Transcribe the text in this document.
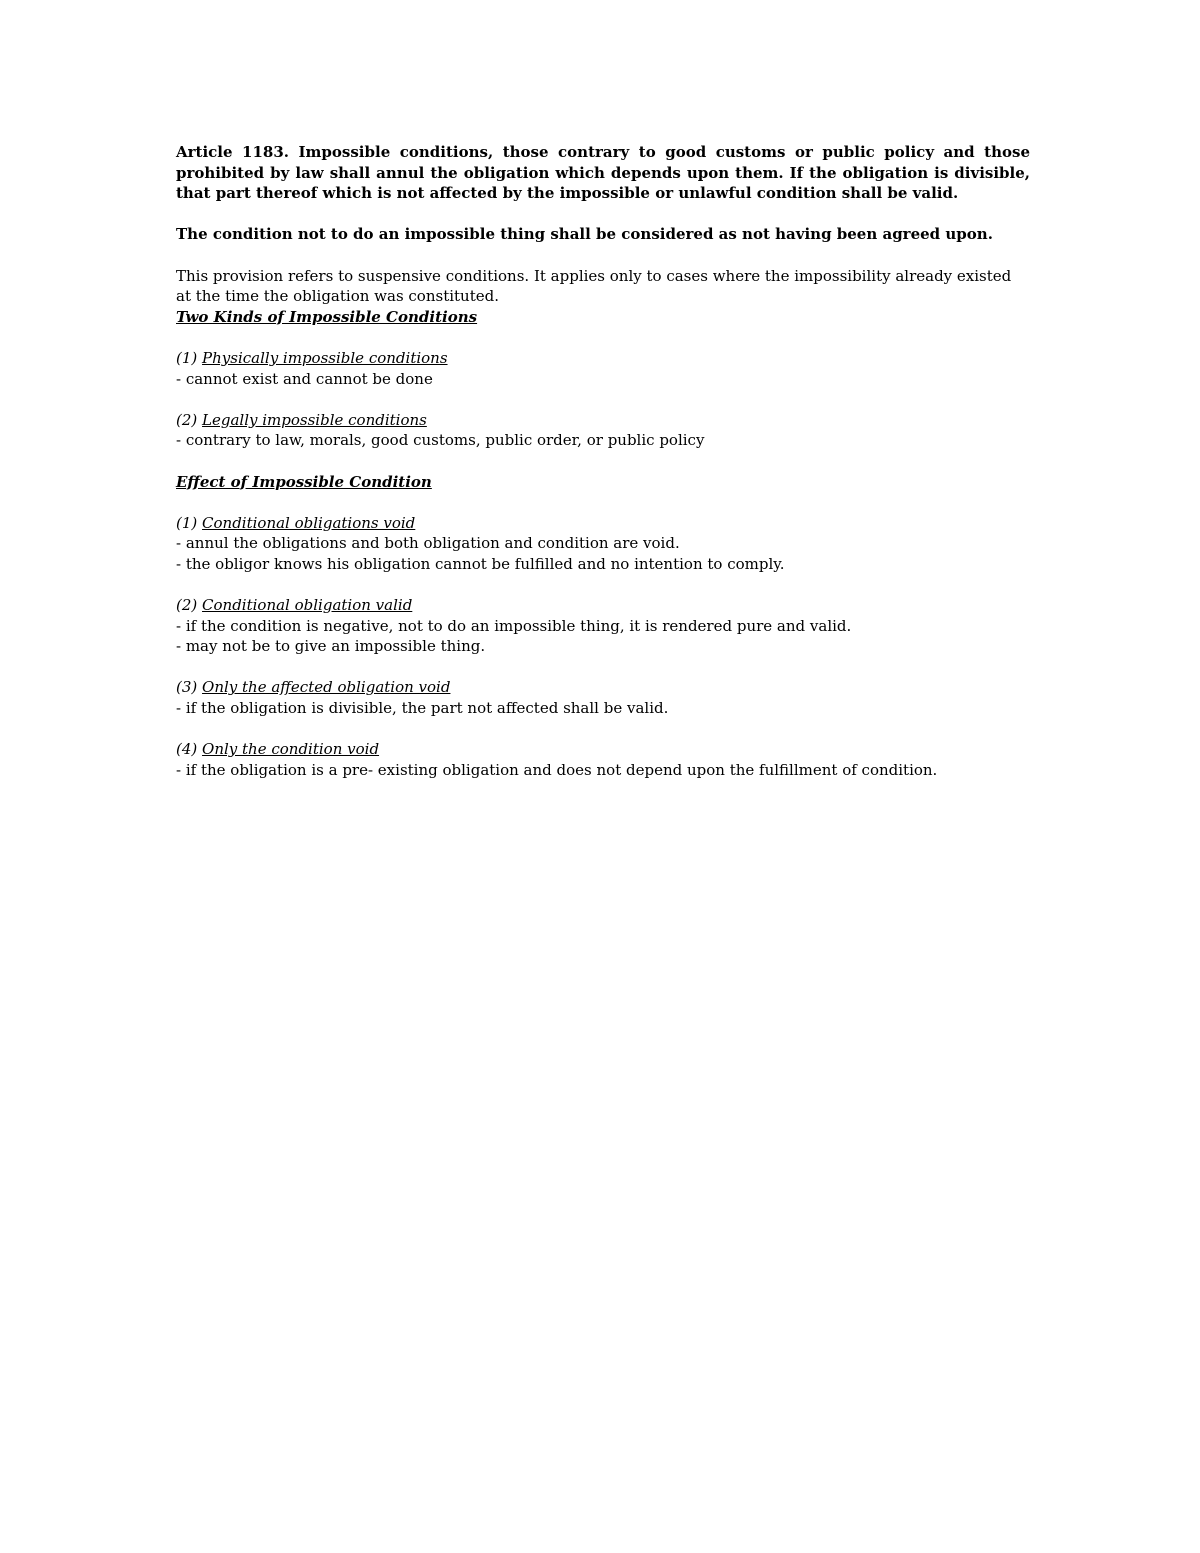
Article 1183. Impossible conditions, those contrary to good customs or public policy and those prohibited by law shall annul the obligation which depends upon them. If the obligation is divisible, that part thereof which is not affected by the impossible or unlawful condition shall be valid.

The condition not to do an impossible thing shall be considered as not having been agreed upon.

This provision refers to suspensive conditions. It applies only to cases where the impossibility already existed at the time the obligation was constituted.

Two Kinds of Impossible Conditions

(1) Physically impossible conditions

- cannot exist and cannot be done

(2) Legally impossible conditions

- contrary to law, morals, good customs, public order, or public policy

Effect of Impossible Condition

(1) Conditional obligations void

- annul the obligations and both obligation and condition are void.

- the obligor knows his obligation cannot be fulfilled and no intention to comply.

(2) Conditional obligation valid

- if the condition is negative, not to do an impossible thing, it is rendered pure and valid.

- may not be to give an impossible thing.

(3) Only the affected obligation void

- if the obligation is divisible, the part not affected shall be valid.

(4) Only the condition void

- if the obligation is a pre- existing obligation and does not depend upon the fulfillment of condition.
